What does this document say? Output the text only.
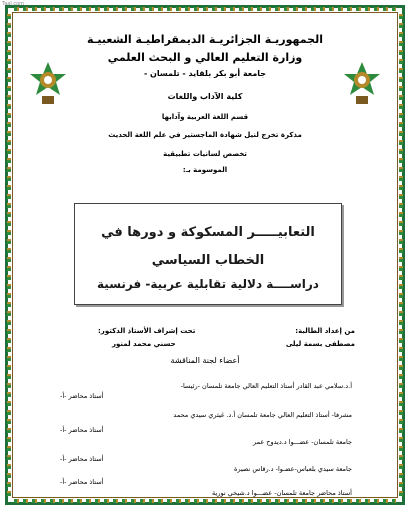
Taal.com
الجمهوريـة الجزائريـة الديمقراطيـة الشعبيـة
وزارة التعليم العالي و البحث العلمي
جامعة أبو بكر بلقايد - تلمسان -
كلية الآداب واللغات
قسم اللغة العربية وآدابها
مذكرة تخرج لنيل شهادة الماجستير في علم اللغة الحديث
تخصص لسانيات تطبيقية
الموسومة بـ:
التعابيـــــر المسكوكة و دورها في
الخطاب السياسي
دراســــة دلالية تقابلية عربية- فرنسية
من إعداد الطالبة:
مصطفى بسمة ليلى
تحت إشراف الأستاذ الدكتور:
حسني محمد لمنور
أعضاء لجنة المناقشة
أ.د.سلامي عبد القادر أستاذ التعليم العالي جامعة تلمسان -رئيسا-
أستاذ محاضر -أ-
مشرفا- أستاذ التعليم العالي جامعة تلمسان أ.د. غيثري سيدي محمد
أستاذ محاضر -أ-
جامعة تلمسان- عضـــوا د.ديدوح عمر
أستاذ محاضر -أ-
جامعة سيدي بلعباس-عضـوا- د.رقاس نصيرة
أستاذ محاضر -أ-
أستاذ محاضر جامعة تلمسان- عضـــوا د.شيخي نورية
